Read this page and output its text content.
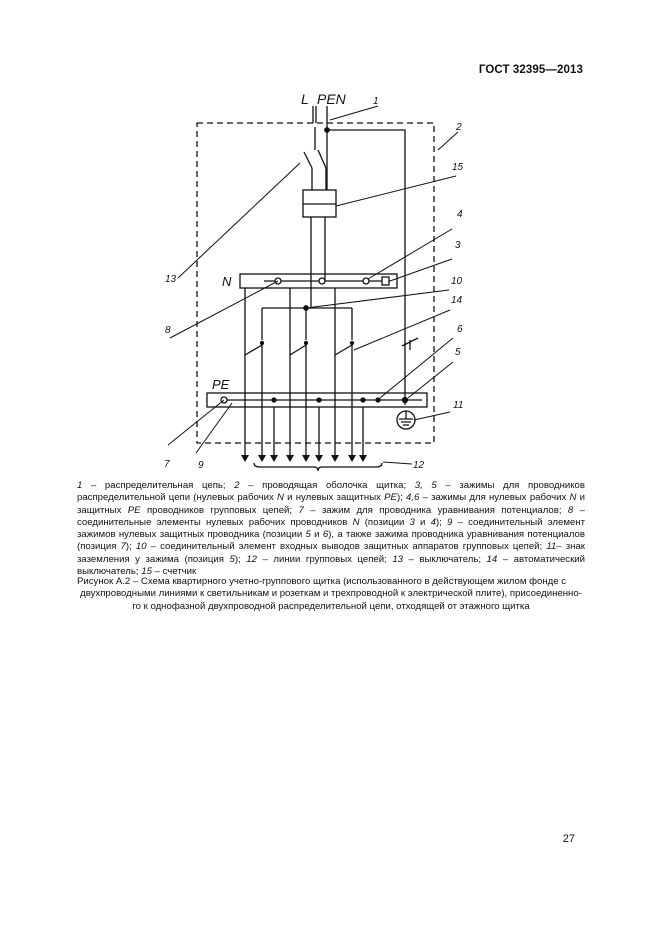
ГОСТ 32395—2013
L PEN
N
PE
1
2
15
4
3
10
14
6
5
11
12
13
8
7	9
1 – распределительная цепь; 2 – проводящая оболочка щитка; 3, 5 – зажимы для проводников распределительной цепи (нулевых рабочих N и нулевых защитных PE); 4,6 – зажимы для нулевых рабочих N и защитных PE проводников групповых цепей; 7 – зажим для проводника уравнивания потенциалов; 8 – соединительные элементы нулевых рабочих проводников N (позиции 3 и 4); 9 – соединительный элемент зажимов нулевых защитных проводника (позиции 5 и 6), а также зажима проводника уравнивания потенциалов (позиция 7); 10 – соединительный элемент входных выводов защитных аппаратов групповых цепей; 11– знак заземления у зажима (позиция 5); 12 – линии групповых цепей; 13 – выключатель; 14 – автоматический выключатель; 15 – счетчик
Рисунок А.2 – Схема квартирного учетно-группового щитка (использованного в действующем жилом фонде с
двухпроводными линиями к светильникам и розеткам и трехпроводной к электрической плите), присоединенно-
го к однофазной двухпроводной распределительной цепи, отходящей от этажного щитка
27
